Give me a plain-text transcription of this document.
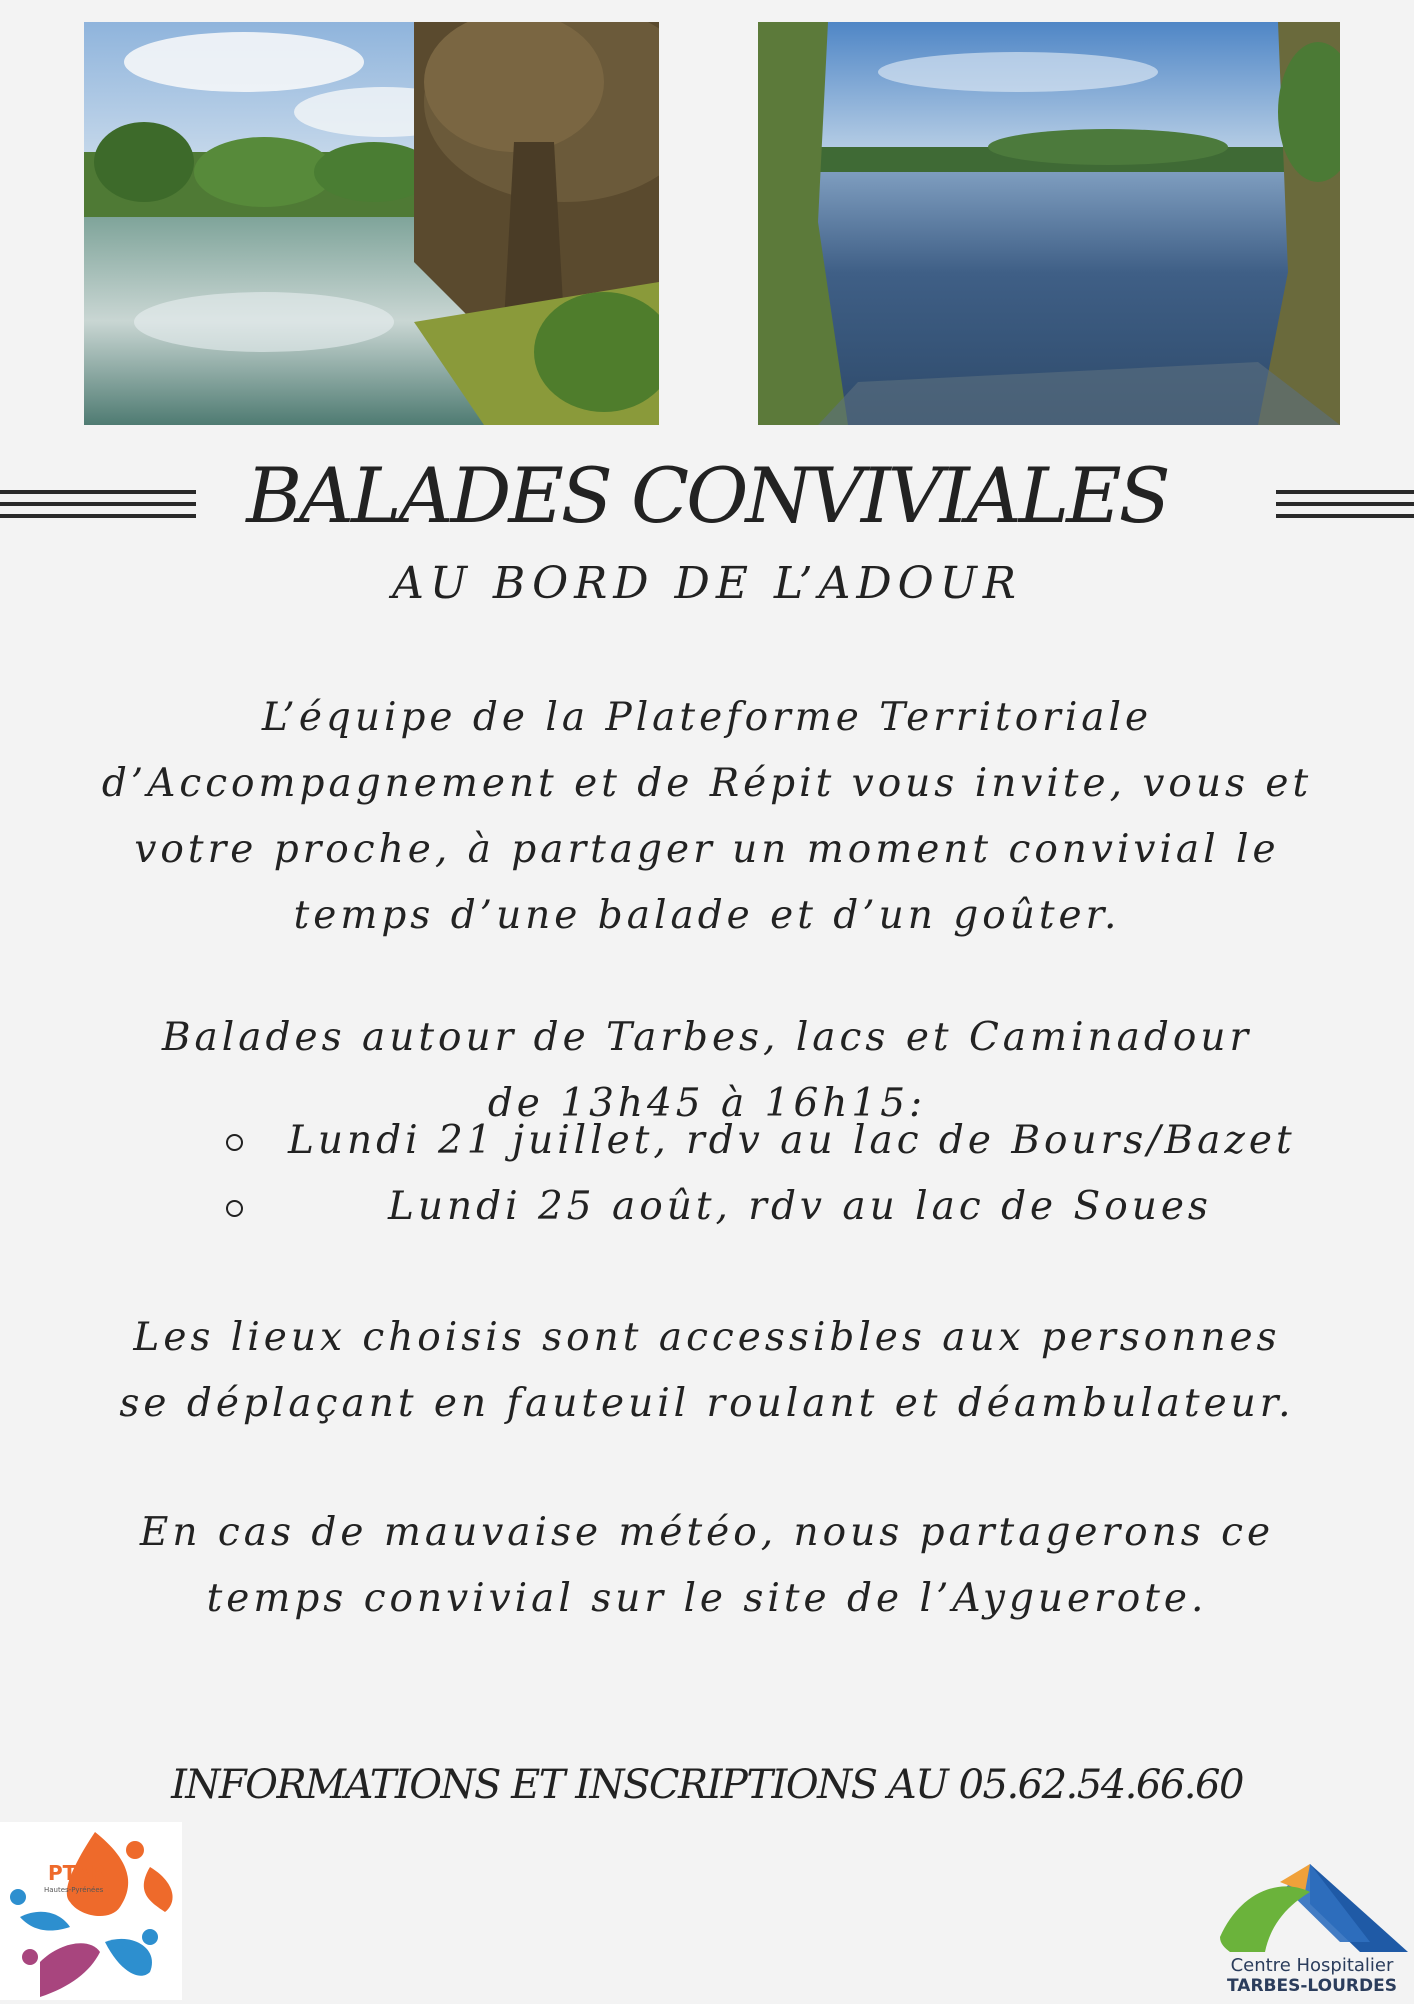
BALADES CONVIVIALES
AU BORD DE L’ADOUR
L’équipe de la Plateforme Territoriale d’Accompagnement et de Répit vous invite, vous et votre proche, à partager un moment convivial le temps d’une balade et d’un goûter.
Balades autour de Tarbes, lacs et Caminadour
de 13h45 à 16h15:
Lundi 21 juillet, rdv au lac de Bours/Bazet
Lundi 25 août, rdv au lac de Soues
Les lieux choisis sont accessibles aux personnes
se déplaçant en fauteuil roulant et déambulateur.
En cas de mauvaise météo, nous partagerons ce
temps convivial sur le site de l’Ayguerote.
INFORMATIONS ET INSCRIPTIONS AU 05.62.54.66.60
PTAR
Hautes-Pyrénées
Centre Hospitalier
TARBES-LOURDES
